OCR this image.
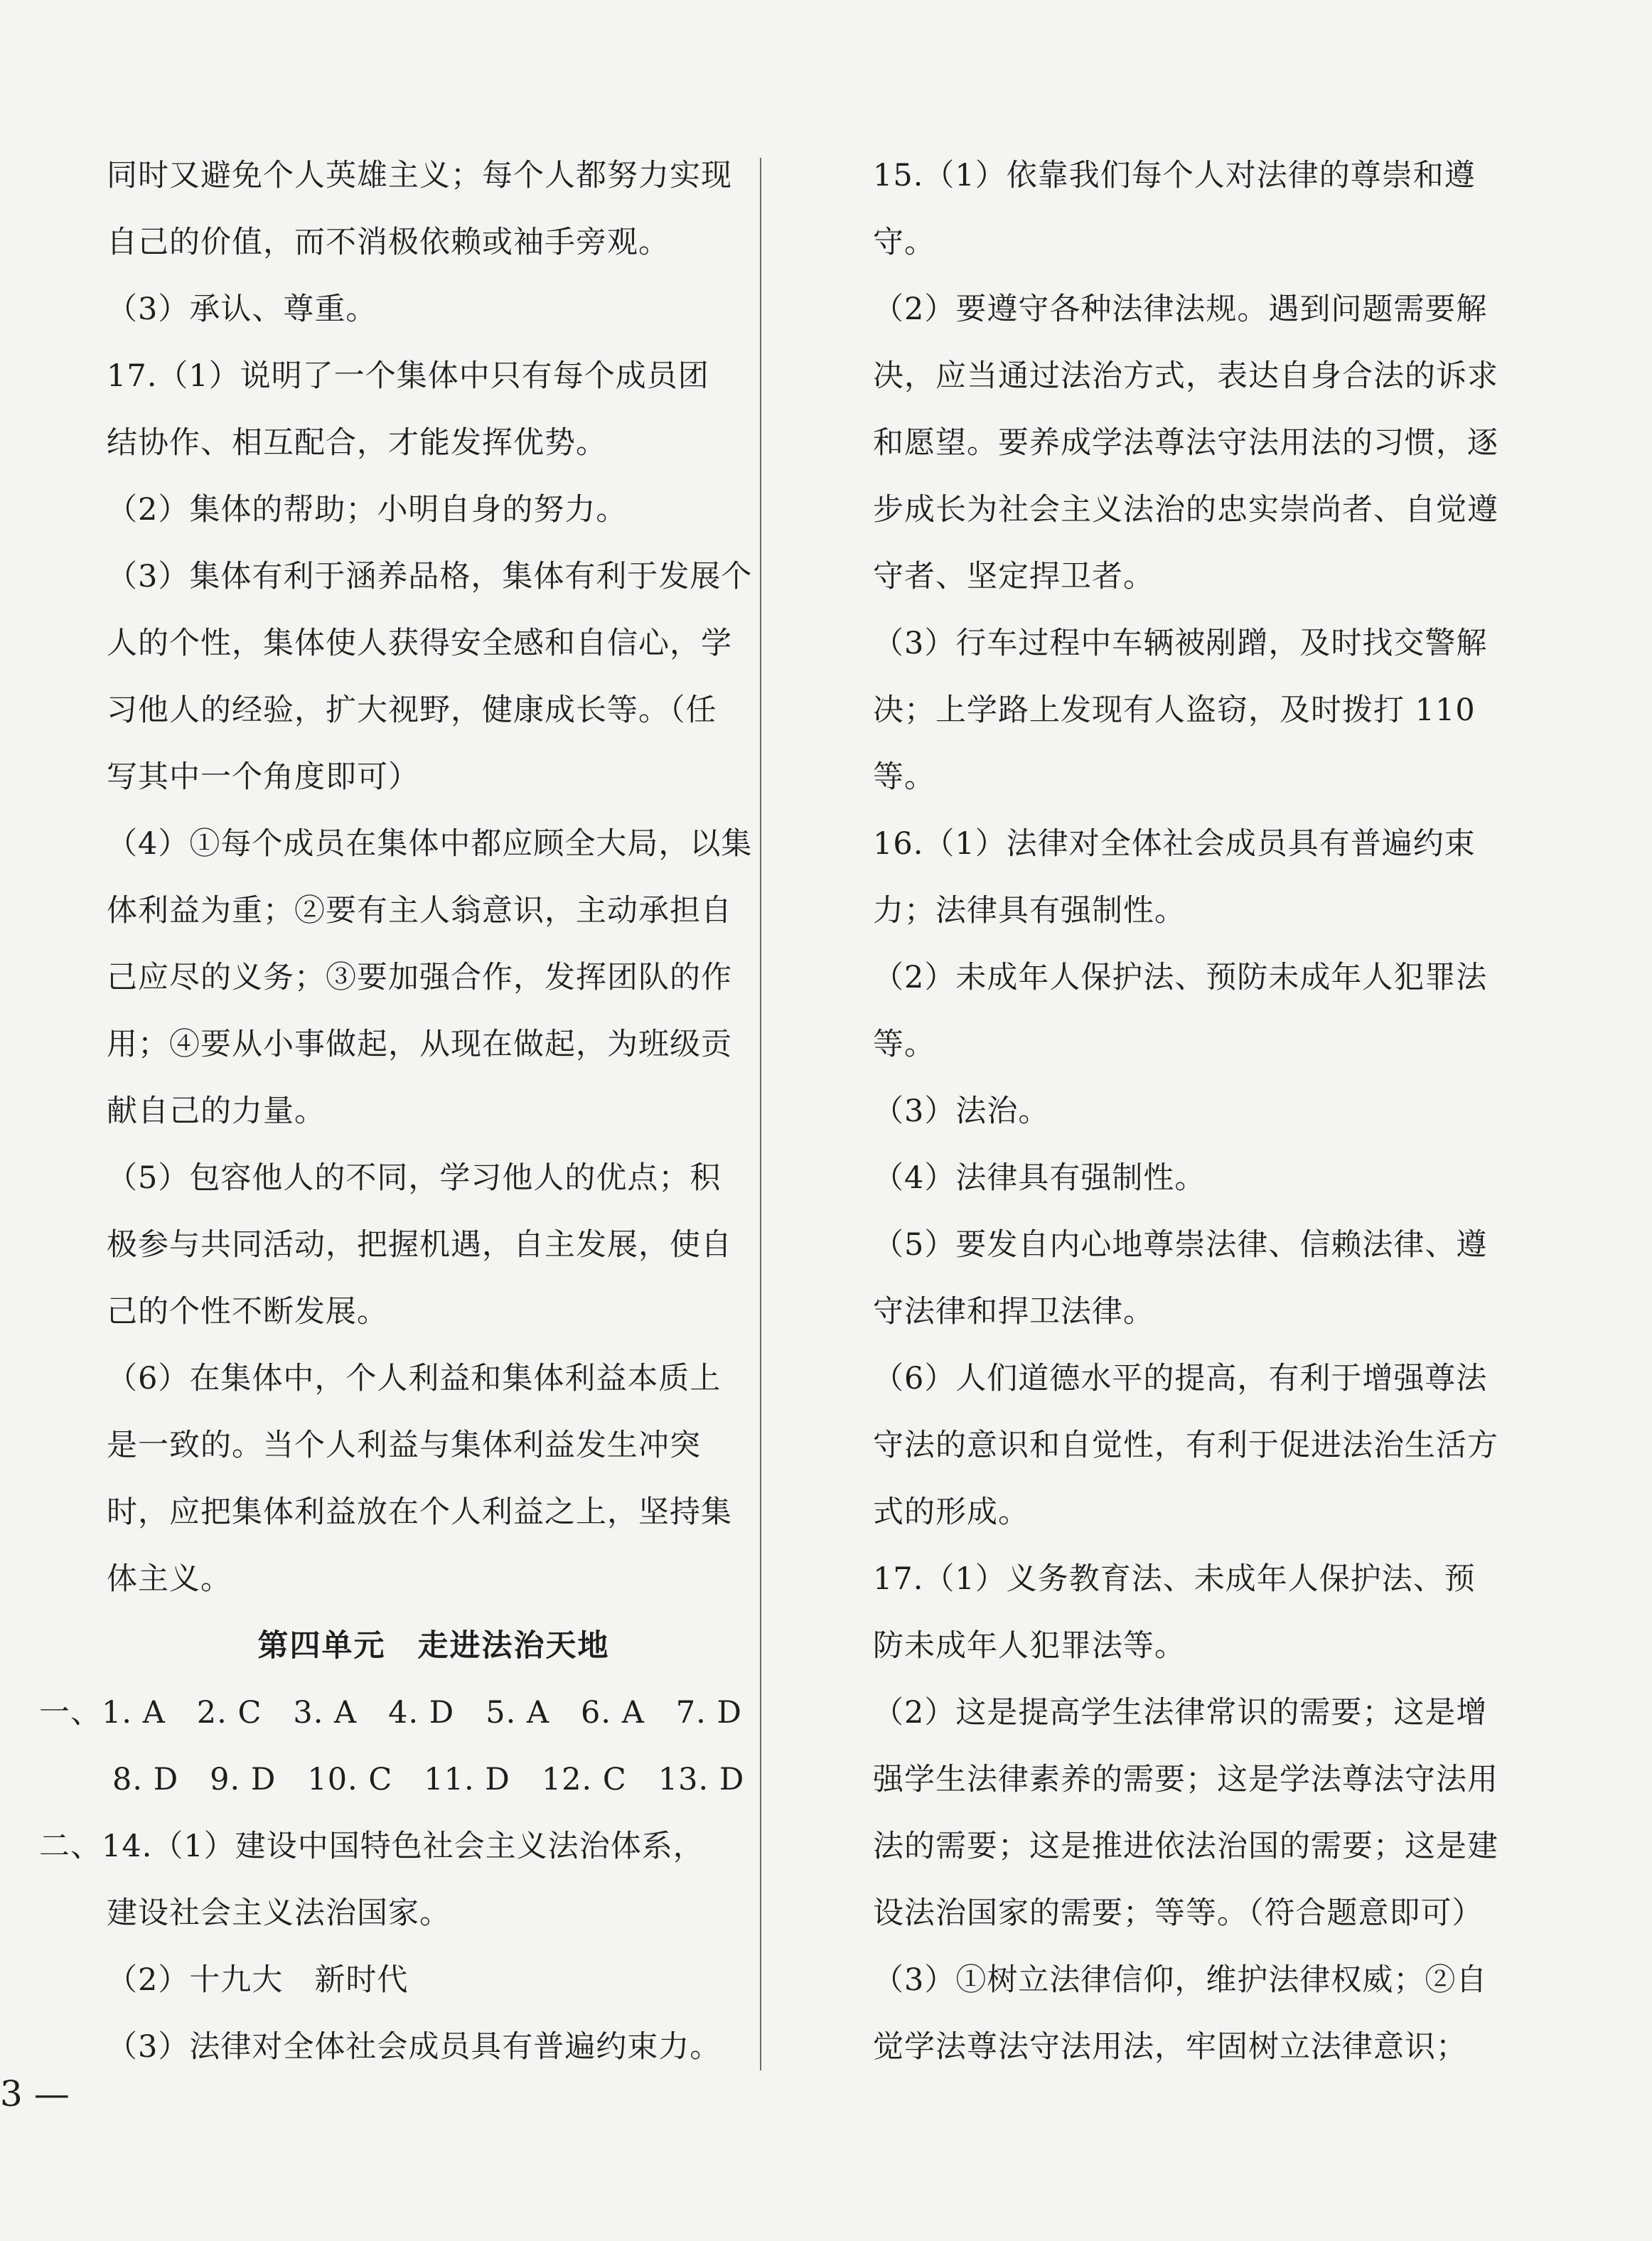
同时又避免个人英雄主义；每个人都努力实现
自己的价值，而不消极依赖或袖手旁观。
（3）承认、尊重。
17.（1）说明了一个集体中只有每个成员团
结协作、相互配合，才能发挥优势。
（2）集体的帮助；小明自身的努力。
（3）集体有利于涵养品格，集体有利于发展个
人的个性，集体使人获得安全感和自信心，学
习他人的经验，扩大视野，健康成长等。（任
写其中一个角度即可）
（4）①每个成员在集体中都应顾全大局，以集
体利益为重；②要有主人翁意识，主动承担自
己应尽的义务；③要加强合作，发挥团队的作
用；④要从小事做起，从现在做起，为班级贡
献自己的力量。
（5）包容他人的不同，学习他人的优点；积
极参与共同活动，把握机遇，自主发展，使自
己的个性不断发展。
（6）在集体中，个人利益和集体利益本质上
是一致的。当个人利益与集体利益发生冲突
时，应把集体利益放在个人利益之上，坚持集
体主义。
第四单元　走进法治天地
一、1. A　2. C　3. A　4. D　5. A　6. A　7. D
8. D　9. D　10. C　11. D　12. C　13. D
二、14.（1）建设中国特色社会主义法治体系，
建设社会主义法治国家。
（2）十九大　新时代
（3）法律对全体社会成员具有普遍约束力。
15.（1）依靠我们每个人对法律的尊崇和遵
守。
（2）要遵守各种法律法规。遇到问题需要解
决，应当通过法治方式，表达自身合法的诉求
和愿望。要养成学法尊法守法用法的习惯，逐
步成长为社会主义法治的忠实崇尚者、自觉遵
守者、坚定捍卫者。
（3）行车过程中车辆被剐蹭，及时找交警解
决；上学路上发现有人盗窃，及时拨打 110
等。
16.（1）法律对全体社会成员具有普遍约束
力；法律具有强制性。
（2）未成年人保护法、预防未成年人犯罪法
等。
（3）法治。
（4）法律具有强制性。
（5）要发自内心地尊崇法律、信赖法律、遵
守法律和捍卫法律。
（6）人们道德水平的提高，有利于增强尊法
守法的意识和自觉性，有利于促进法治生活方
式的形成。
17.（1）义务教育法、未成年人保护法、预
防未成年人犯罪法等。
（2）这是提高学生法律常识的需要；这是增
强学生法律素养的需要；这是学法尊法守法用
法的需要；这是推进依法治国的需要；这是建
设法治国家的需要；等等。（符合题意即可）
（3）①树立法律信仰，维护法律权威；②自
觉学法尊法守法用法，牢固树立法律意识；
3 —
